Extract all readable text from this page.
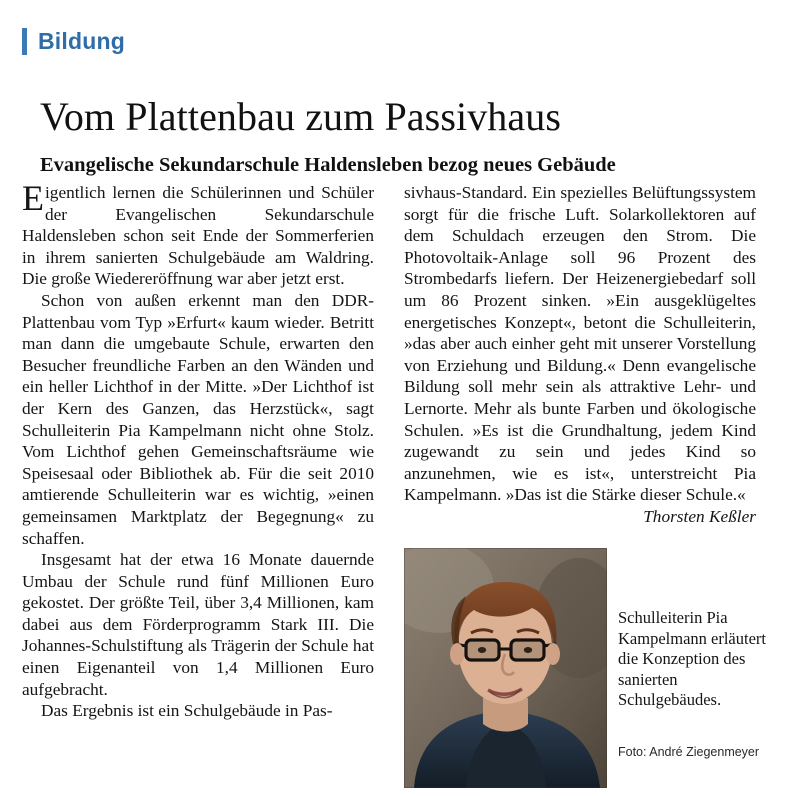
Bildung
Vom Plattenbau zum Passivhaus
Evangelische Sekundarschule Haldensleben bezog neues Gebäude

Eigentlich lernen die Schülerinnen und Schüler der Evangelischen Sekundarschule Haldensleben schon seit Ende der Sommerferien in ihrem sanierten Schulgebäude am Waldring. Die große Wiedereröffnung war aber jetzt erst.

Schon von außen erkennt man den DDR-Plattenbau vom Typ »Erfurt« kaum wieder. Betritt man dann die umgebaute Schule, erwarten den Besucher freundliche Farben an den Wänden und ein heller Lichthof in der Mitte. »Der Lichthof ist der Kern des Ganzen, das Herzstück«, sagt Schulleiterin Pia Kampelmann nicht ohne Stolz. Vom Lichthof gehen Gemeinschaftsräume wie Speisesaal oder Bibliothek ab. Für die seit 2010 amtierende Schulleiterin war es wichtig, »einen gemeinsamen Marktplatz der Begegnung« zu schaffen.

Insgesamt hat der etwa 16 Monate dauernde Umbau der Schule rund fünf Millionen Euro gekostet. Der größte Teil, über 3,4 Millionen, kam dabei aus dem Förderprogramm Stark III. Die Johannes-Schulstiftung als Trägerin der Schule hat einen Eigenanteil von 1,4 Millionen Euro aufgebracht.

Das Ergebnis ist ein Schulgebäude in Pas-

sivhaus-Standard. Ein spezielles Belüftungssystem sorgt für die frische Luft. Solarkollektoren auf dem Schuldach erzeugen den Strom. Die Photovoltaik-Anlage soll 96 Prozent des Strombedarfs liefern. Der Heizenergiebedarf soll um 86 Prozent sinken. »Ein ausgeklügeltes energetisches Konzept«, betont die Schulleiterin, »das aber auch einher geht mit unserer Vorstellung von Erziehung und Bildung.« Denn evangelische Bildung soll mehr sein als attraktive Lehr- und Lernorte. Mehr als bunte Farben und ökologische Schulen. »Es ist die Grundhaltung, jedem Kind zugewandt zu sein und jedes Kind so anzunehmen, wie es ist«, unterstreicht Pia Kampelmann. »Das ist die Stärke dieser Schule.«

Thorsten Keßler

Schulleiterin Pia Kampelmann erläutert die Konzeption des sanierten Schulgebäudes.
Foto: André Ziegenmeyer
